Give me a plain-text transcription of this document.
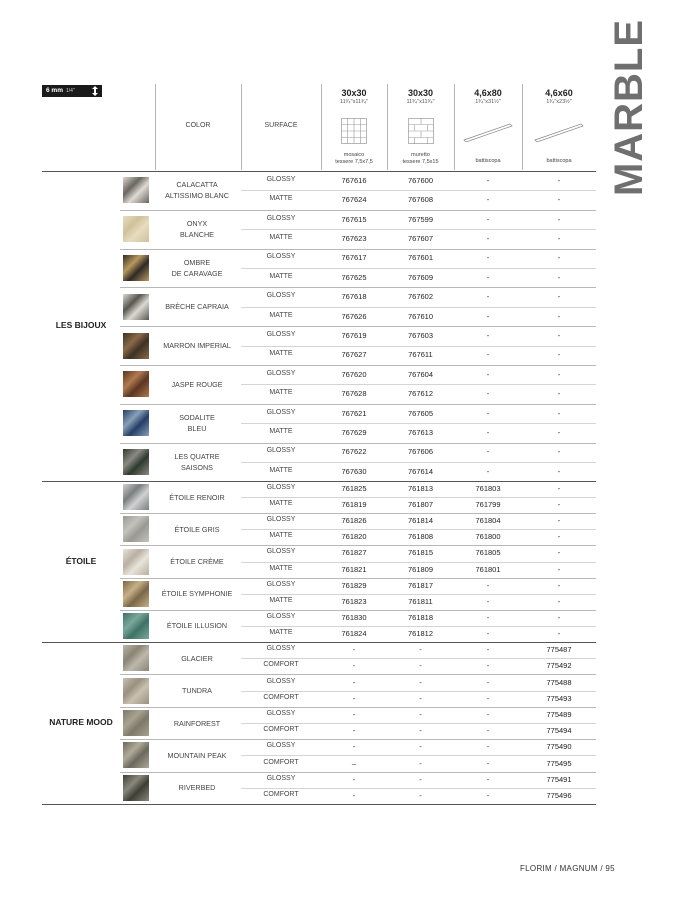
MARBLE
6 mm 1/4"
COLOR	SURFACE
30x30
11³⁄₄"x11³⁄₄"
mosaico
tessere 7,5x7,5
30x30
11³⁄₄"x11³⁄₄"
muretto
tessere 7,5x15
4,6x80
1³⁄₄"x31½"
battiscopa
4,6x60
1³⁄₄"x23½"
battiscopa
LES BIJOUX
CALACATTA
ALTISSIMO BLANC
GLOSSY	767616	767600	-	-
MATTE	767624	767608	-	-
ONYX
BLANCHE
GLOSSY	767615	767599	-	-
MATTE	767623	767607	-	-
OMBRE
DE CARAVAGE
GLOSSY	767617	767601	-	-
MATTE	767625	767609	-	-
BRÈCHE CAPRAIA
GLOSSY	767618	767602	-	-
MATTE	767626	767610	-	-
MARRON IMPERIAL
GLOSSY	767619	767603	-	-
MATTE	767627	767611	-	-
JASPE ROUGE
GLOSSY	767620	767604	-	-
MATTE	767628	767612	-	-
SODALITE
BLEU
GLOSSY	767621	767605	-	-
MATTE	767629	767613	-	-
LES QUATRE
SAISONS
GLOSSY	767622	767606	-	-
MATTE	767630	767614	-	-
ÉTOILE
ÉTOILE RENOIR
GLOSSY	761825	761813	761803	-
MATTE	761819	761807	761799	-
ÉTOILE GRIS
GLOSSY	761826	761814	761804	-
MATTE	761820	761808	761800	-
ÉTOILE CRÈME
GLOSSY	761827	761815	761805	-
MATTE	761821	761809	761801	-
ÉTOILE SYMPHONIE
GLOSSY	761829	761817	-	-
MATTE	761823	761811	-	-
ÉTOILE ILLUSION
GLOSSY	761830	761818	-	-
MATTE	761824	761812	-	-
NATURE MOOD
GLACIER
GLOSSY	-	-	-	775487
COMFORT	-	-	-	775492
TUNDRA
GLOSSY	-	-	-	775488
COMFORT	-	-	-	775493
RAINFOREST
GLOSSY	-	-	-	775489
COMFORT	-	-	-	775494
MOUNTAIN PEAK
GLOSSY	-	-	-	775490
COMFORT	–	-	-	775495
RIVERBED
GLOSSY	-	-	-	775491
COMFORT	-	-	-	775496
FLORIM / MAGNUM / 95
